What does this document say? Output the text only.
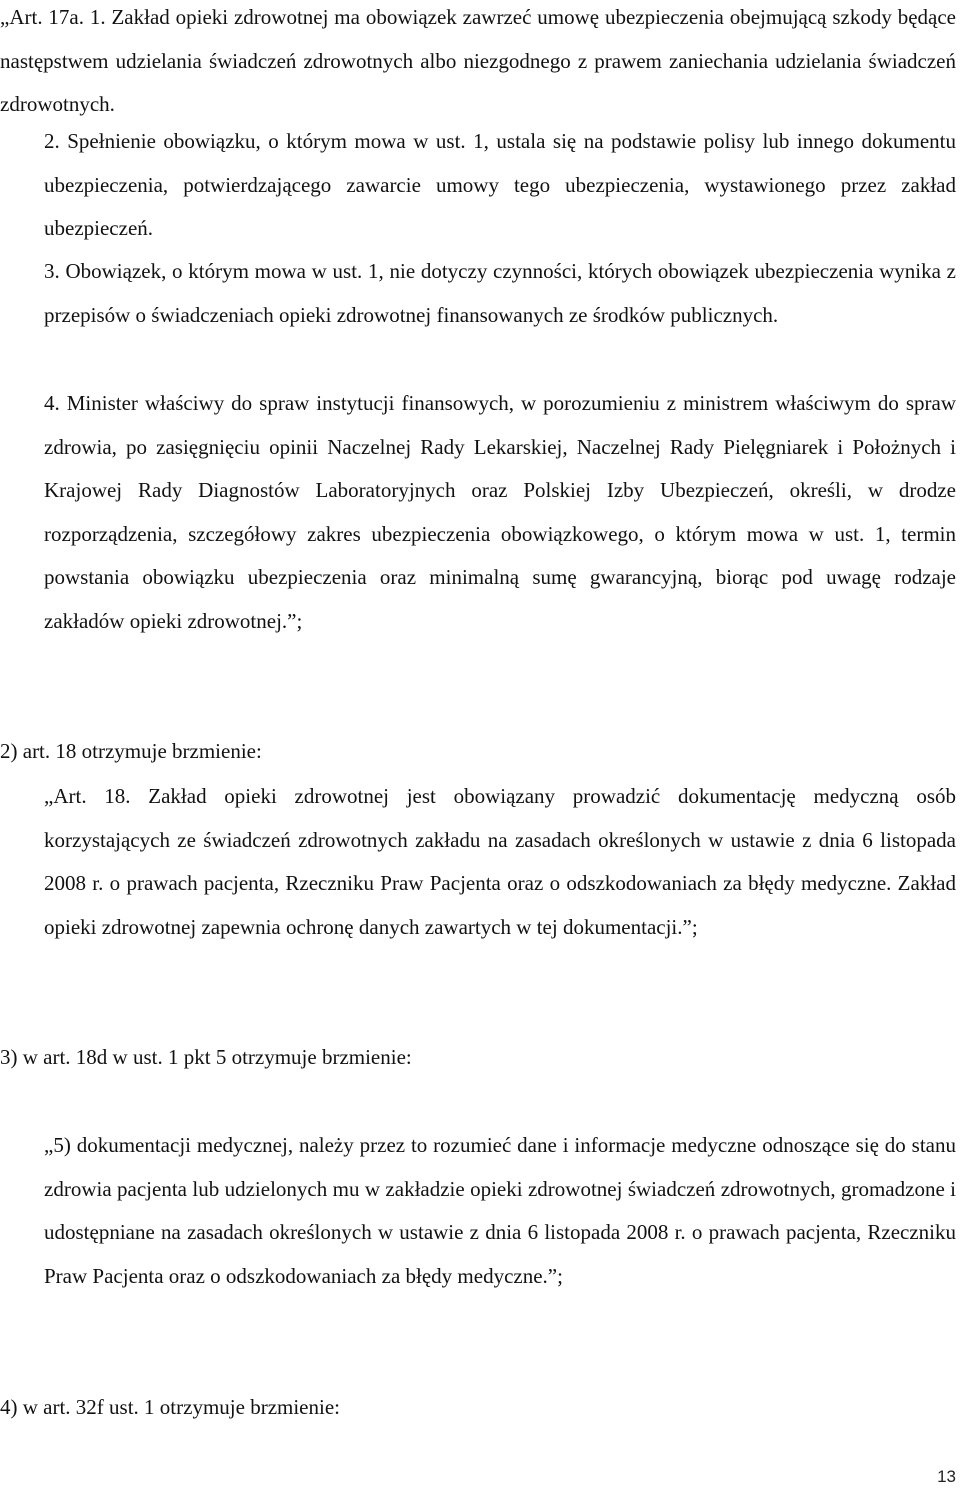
„Art. 17a. 1. Zakład opieki zdrowotnej ma obowiązek zawrzeć umowę ubezpieczenia obejmującą szkody będące następstwem udzielania świadczeń zdrowotnych albo niezgodnego z prawem zaniechania udzielania świadczeń zdrowotnych.

2. Spełnienie obowiązku, o którym mowa w ust. 1, ustala się na podstawie polisy lub innego dokumentu ubezpieczenia, potwierdzającego zawarcie umowy tego ubezpieczenia, wystawionego przez zakład ubezpieczeń.

3. Obowiązek, o którym mowa w ust. 1, nie dotyczy czynności, których obowiązek ubezpieczenia wynika z przepisów o świadczeniach opieki zdrowotnej finansowanych ze środków publicznych.

4. Minister właściwy do spraw instytucji finansowych, w porozumieniu z ministrem właściwym do spraw zdrowia, po zasięgnięciu opinii Naczelnej Rady Lekarskiej, Naczelnej Rady Pielęgniarek i Położnych i Krajowej Rady Diagnostów Laboratoryjnych oraz Polskiej Izby Ubezpieczeń, określi, w drodze rozporządzenia, szczegółowy zakres ubezpieczenia obowiązkowego, o którym mowa w ust. 1, termin powstania obowiązku ubezpieczenia oraz minimalną sumę gwarancyjną, biorąc pod uwagę rodzaje zakładów opieki zdrowotnej.”;

2) art. 18 otrzymuje brzmienie:

„Art. 18. Zakład opieki zdrowotnej jest obowiązany prowadzić dokumentację medyczną osób korzystających ze świadczeń zdrowotnych zakładu na zasadach określonych w ustawie z dnia 6 listopada 2008 r. o prawach pacjenta, Rzeczniku Praw Pacjenta oraz o odszkodowaniach za błędy medyczne. Zakład opieki zdrowotnej zapewnia ochronę danych zawartych w tej dokumentacji.”;

3) w art. 18d w ust. 1 pkt 5 otrzymuje brzmienie:

„5) dokumentacji medycznej, należy przez to rozumieć dane i informacje medyczne odnoszące się do stanu zdrowia pacjenta lub udzielonych mu w zakładzie opieki zdrowotnej świadczeń zdrowotnych, gromadzone i udostępniane na zasadach określonych w ustawie z dnia 6 listopada 2008 r. o prawach pacjenta, Rzeczniku Praw Pacjenta oraz o odszkodowaniach za błędy medyczne.”;

4) w art. 32f ust. 1 otrzymuje brzmienie:

13
